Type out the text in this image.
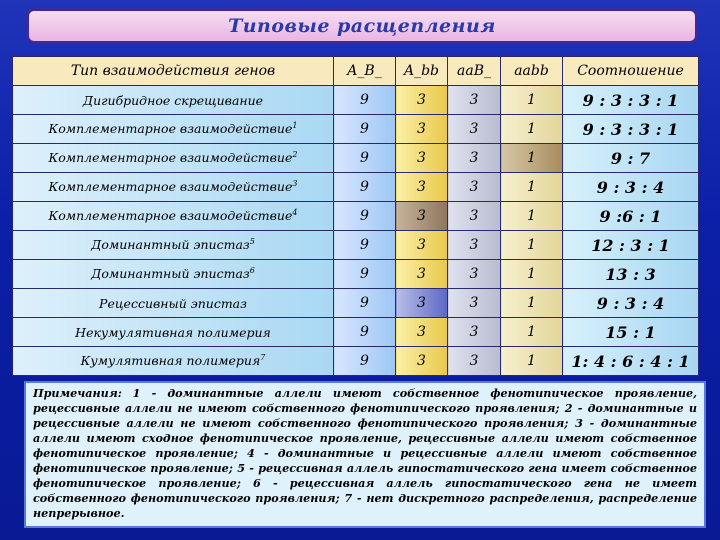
Типовые расщепления
Тип взаимодействия генов	A_B_	A_bb	aaB_	aabb	Соотношение
Дигибридное скрещивание	9	3	3	1	9 : 3 : 3 : 1
Комплементарное взаимодействие$^1$	9	3	3	1	9 : 3 : 3 : 1
Комплементарное взаимодействие$^2$	9	3	3	1	9 : 7
Комплементарное взаимодействие$^3$	9	3	3	1	9 : 3 : 4
Комплементарное взаимодействие$^4$	9	3	3	1	9 :6 : 1
Доминантный эпистаз$^5$	9	3	3	1	12 : 3 : 1
Доминантный эпистаз$^6$	9	3	3	1	13 : 3
Рецессивный эпистаз	9	3	3	1	9 : 3 : 4
Некумулятивная полимерия	9	3	3	1	15 : 1
Кумулятивная полимерия$^7$	9	3	3	1	1: 4 : 6 : 4 : 1
Примечания: 1 - доминантные аллели имеют собственное фенотипическое проявление, рецессивные аллели не имеют собственного фенотипического проявления; 2 - доминантные и рецессивные аллели не имеют собственного фенотипического проявления; 3 - доминантные аллели имеют сходное фенотипическое проявление, рецессивные аллели имеют собственное фенотипическое проявление; 4 - доминантные и рецессивные аллели имеют собственное фенотипическое проявление; 5 - рецессивная аллель гипостатического гена имеет собственное фенотипическое проявление; 6 - рецессивная аллель гипостатического гена не имеет собственного фенотипического проявления; 7 - нет дискретного распределения, распределение непрерывное.
